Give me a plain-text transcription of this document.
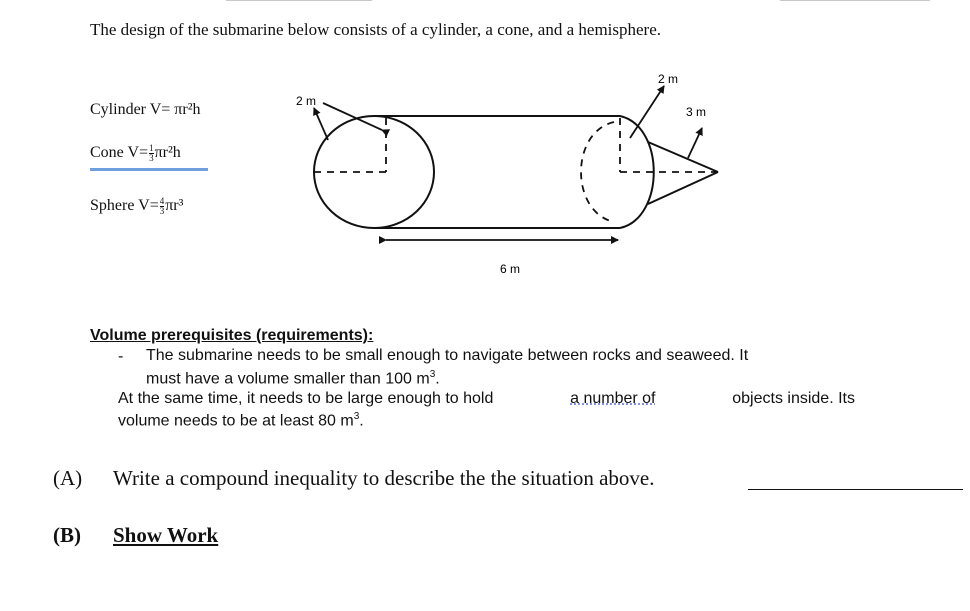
The design of the submarine below consists of a cylinder, a cone, and a hemisphere.
Cylinder V= πr²h
Cone $V= \frac{1}{3} \pi r^2h$
Sphere $V= \frac{4}{3} \pi r^3$
2 m
2 m
3 m
6 m
Volume prerequisites (requirements):
- The submarine needs to be small enough to navigate between rocks and seaweed. It
must have a volume smaller than 100 $m^3$.
At the same time, it needs to be large enough to hold	a number of	objects inside. Its
volume needs to be at least 80 $m^3$.
(A) Write a compound inequality to describe the the situation above.
(B) Show Work
